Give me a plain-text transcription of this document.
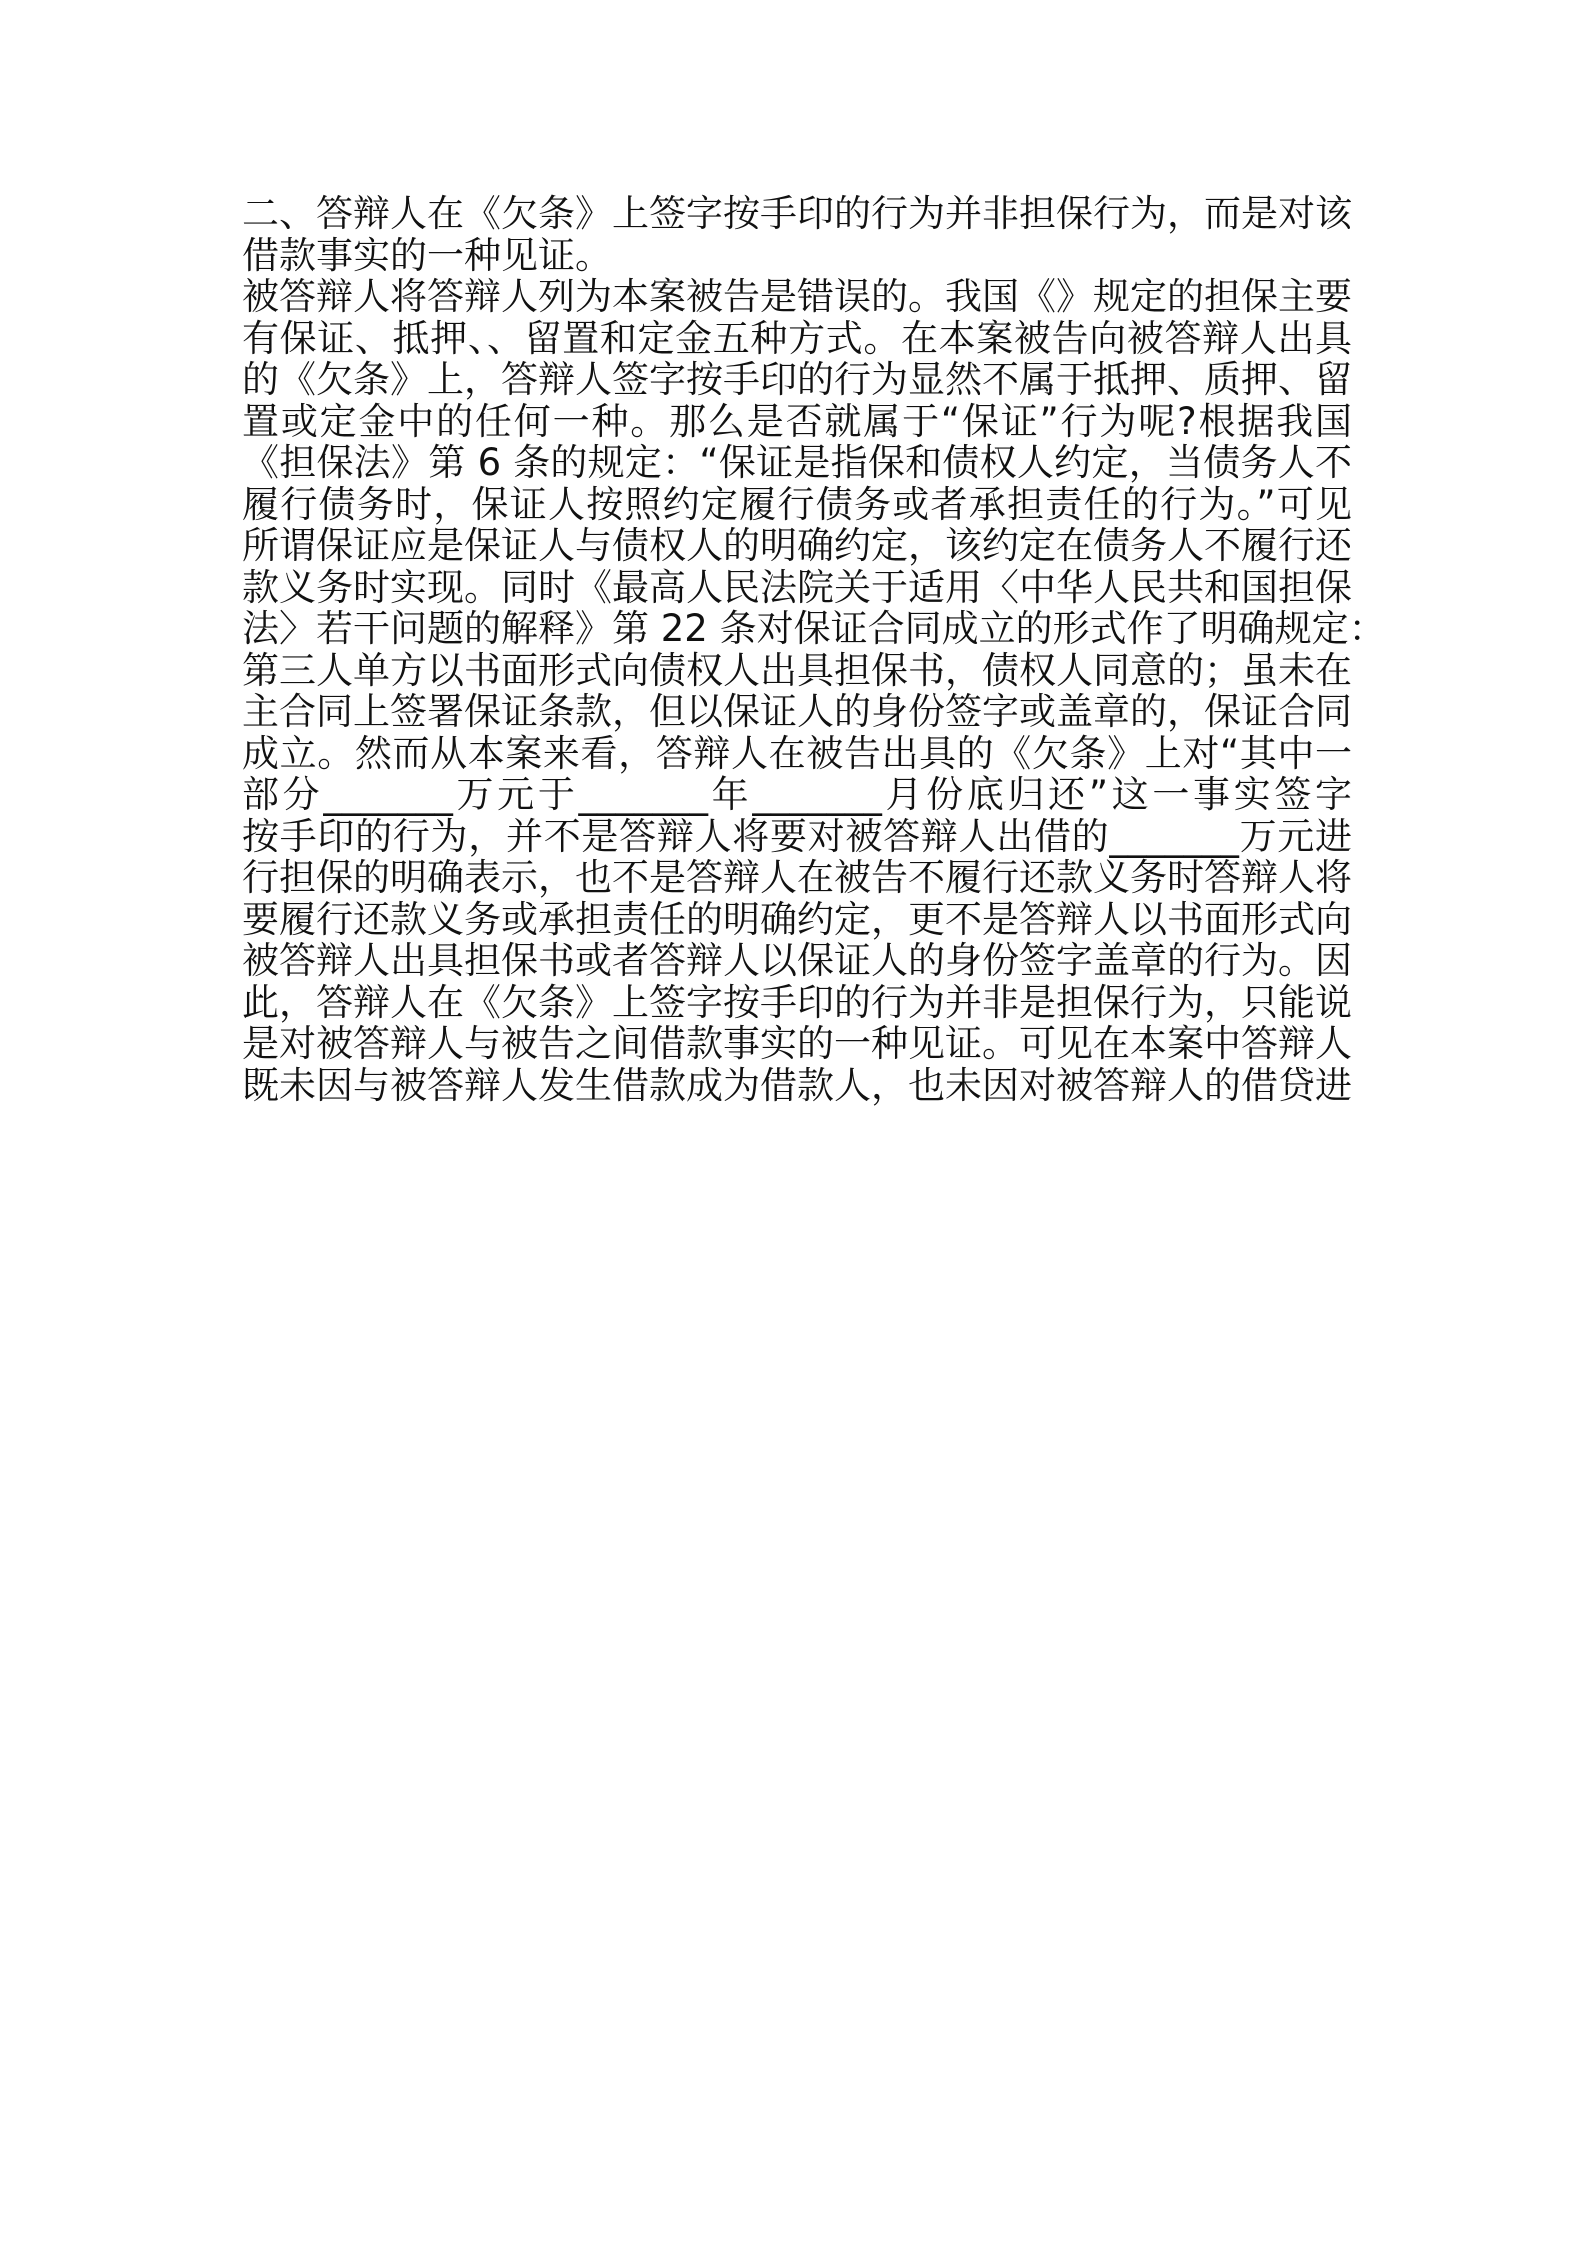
二、答辩人在《欠条》上签字按手印的行为并非担保行为，而是对该
借款事实的一种见证。
被答辩人将答辩人列为本案被告是错误的。我国《》规定的担保主要
有保证、抵押、、留置和定金五种方式。在本案被告向被答辩人出具
的《欠条》上，答辩人签字按手印的行为显然不属于抵押、质押、留
置或定金中的任何一种。那么是否就属于“保证”行为呢?根据我国
《担保法》第 6 条的规定：“保证是指保和债权人约定，当债务人不
履行债务时，保证人按照约定履行债务或者承担责任的行为。”可见
所谓保证应是保证人与债权人的明确约定，该约定在债务人不履行还
款义务时实现。同时《最高人民法院关于适用〈中华人民共和国担保
法〉若干问题的解释》第 22 条对保证合同成立的形式作了明确规定：
第三人单方以书面形式向债权人出具担保书，债权人同意的；虽未在
主合同上签署保证条款，但以保证人的身份签字或盖章的，保证合同
成立。然而从本案来看，答辩人在被告出具的《欠条》上对“其中一
部分_______万元于_______年_______月份底归还”这一事实签字
按手印的行为，并不是答辩人将要对被答辩人出借的_______万元进
行担保的明确表示，也不是答辩人在被告不履行还款义务时答辩人将
要履行还款义务或承担责任的明确约定，更不是答辩人以书面形式向
被答辩人出具担保书或者答辩人以保证人的身份签字盖章的行为。因
此，答辩人在《欠条》上签字按手印的行为并非是担保行为，只能说
是对被答辩人与被告之间借款事实的一种见证。可见在本案中答辩人
既未因与被答辩人发生借款成为借款人，也未因对被答辩人的借贷进
